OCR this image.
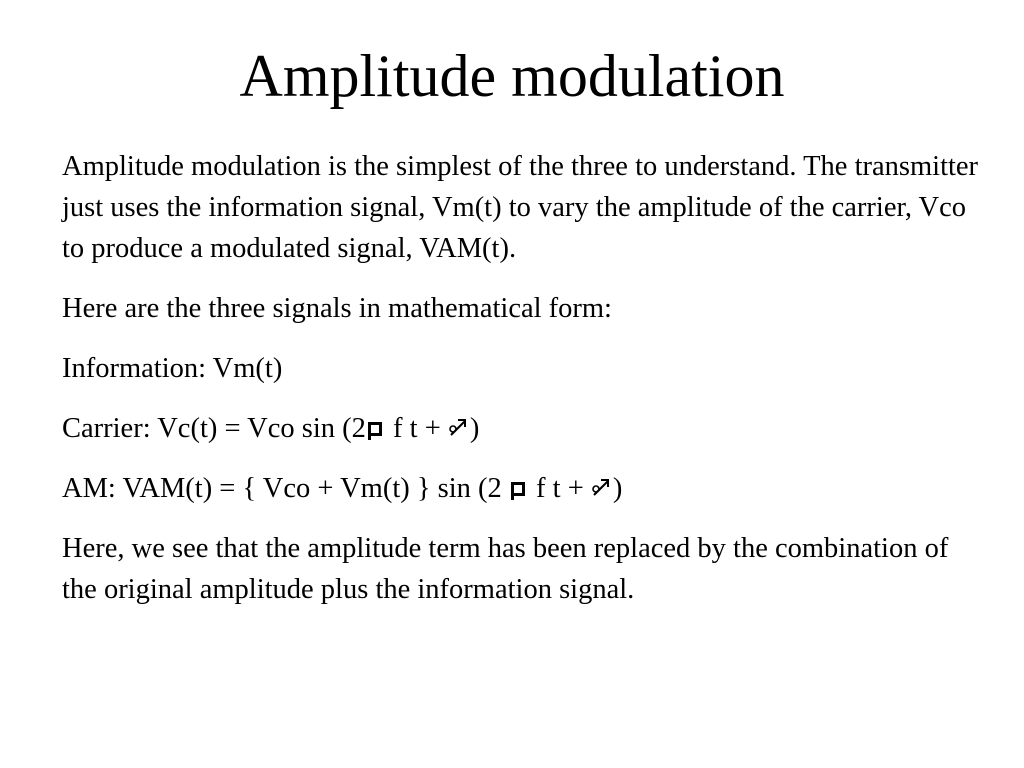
Amplitude modulation

Amplitude modulation is the simplest of the three to understand. The transmitter just uses the information signal, Vm(t) to vary the amplitude of the carrier, Vco to produce a modulated signal, VAM(t).

Here are the three signals in mathematical form:

Information: Vm(t)

Carrier: Vc(t) = Vco sin (2 f t + )

AM: VAM(t) = { Vco + Vm(t) } sin (2  f t + )

Here, we see that the amplitude term has been replaced by the combination of the original amplitude plus the information signal.
